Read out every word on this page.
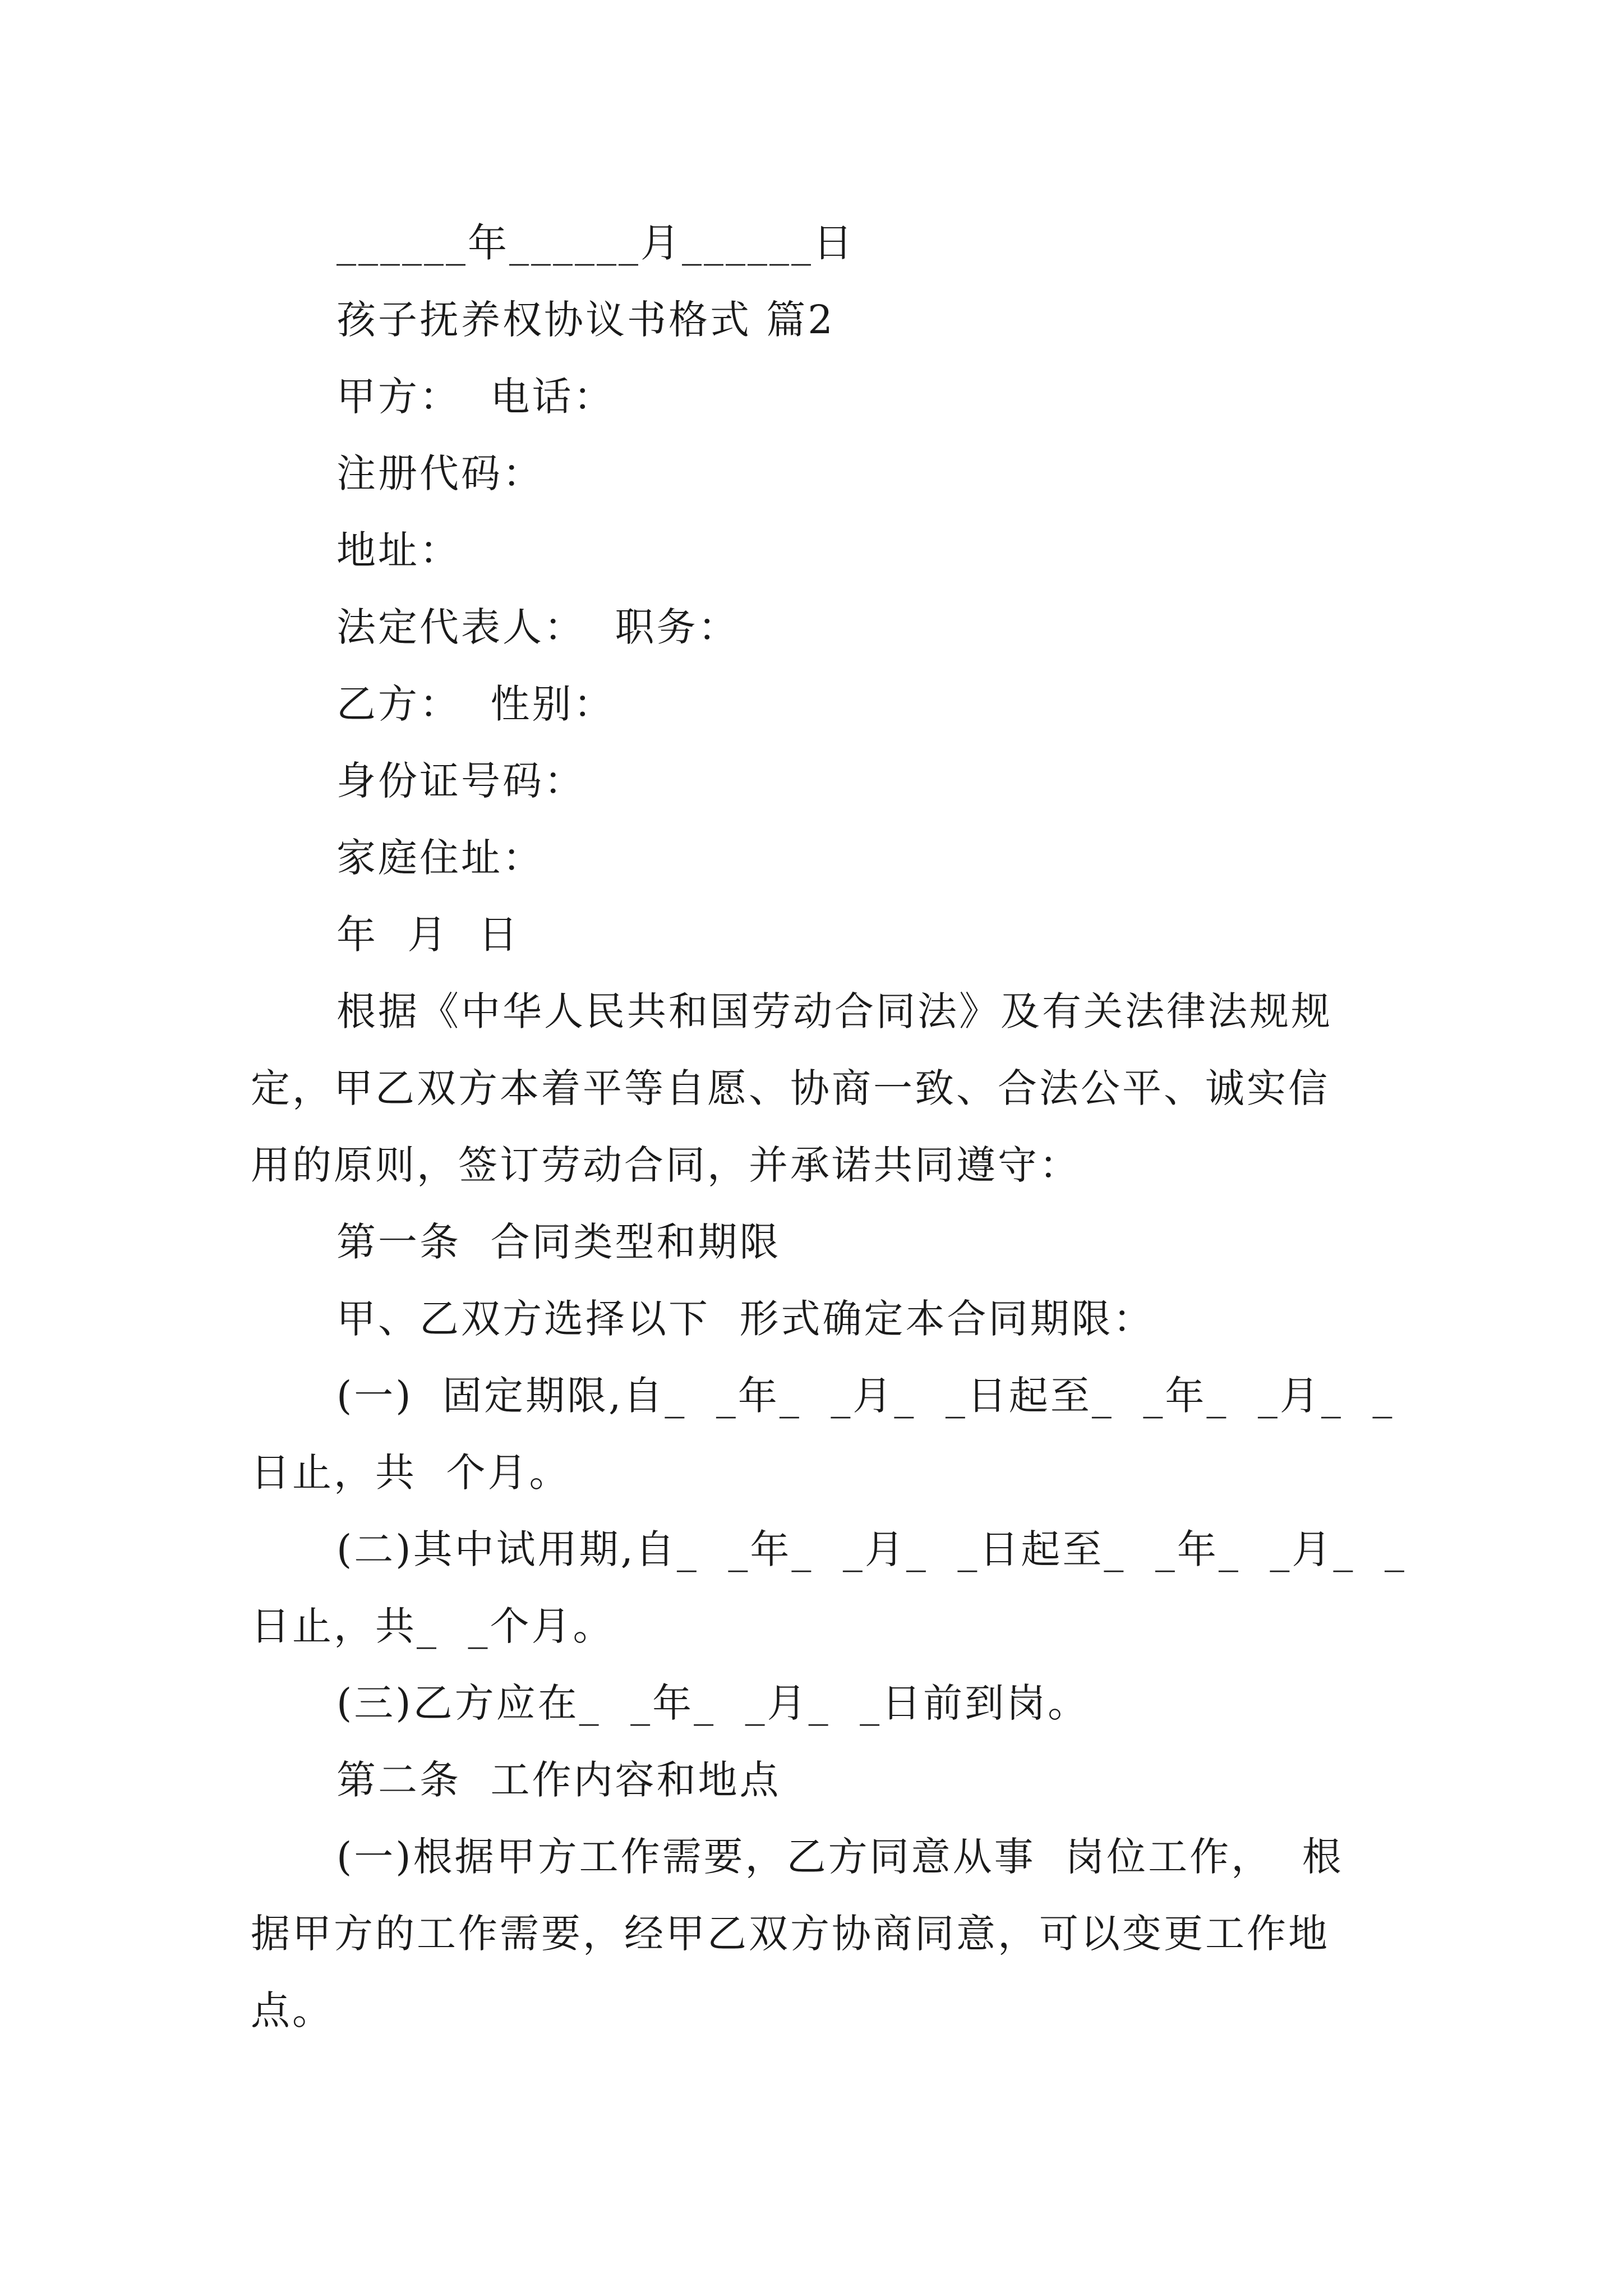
______年______月______日
孩子抚养权协议书格式 篇2
甲方：  电话：
注册代码：
地址：
法定代表人：  职务：
乙方：  性别：
身份证号码：
家庭住址：
年  月  日
根据《中华人民共和国劳动合同法》及有关法律法规规
定，甲乙双方本着平等自愿、协商一致、合法公平、诚实信
用的原则，签订劳动合同，并承诺共同遵守：
第一条  合同类型和期限
甲、乙双方选择以下  形式确定本合同期限：
(一)  固定期限,自_  _年_  _月_  _日起至_  _年_  _月_  _
日止，共  个月。
(二)其中试用期,自_  _年_  _月_  _日起至_  _年_  _月_  _
日止，共_  _个月。
(三)乙方应在_  _年_  _月_  _日前到岗。
第二条  工作内容和地点
(一)根据甲方工作需要，乙方同意从事  岗位工作，  根
据甲方的工作需要，经甲乙双方协商同意，可以变更工作地
点。
